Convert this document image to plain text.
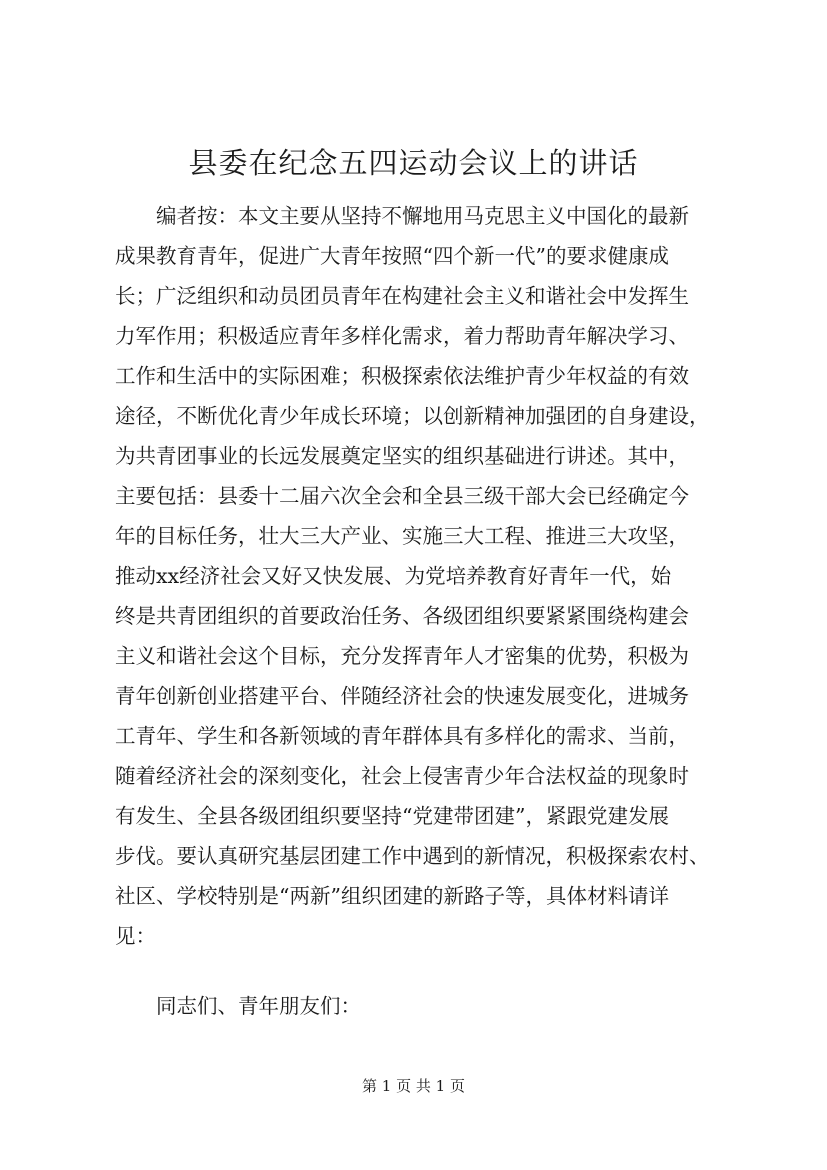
县委在纪念五四运动会议上的讲话
编者按：本文主要从坚持不懈地用马克思主义中国化的最新
成果教育青年，促进广大青年按照“四个新一代”的要求健康成
长；广泛组织和动员团员青年在构建社会主义和谐社会中发挥生
力军作用；积极适应青年多样化需求，着力帮助青年解决学习、
工作和生活中的实际困难；积极探索依法维护青少年权益的有效
途径，不断优化青少年成长环境；以创新精神加强团的自身建设，
为共青团事业的长远发展奠定坚实的组织基础进行讲述。其中，
主要包括：县委十二届六次全会和全县三级干部大会已经确定今
年的目标任务，壮大三大产业、实施三大工程、推进三大攻坚，
推动xx经济社会又好又快发展、为党培养教育好青年一代，始
终是共青团组织的首要政治任务、各级团组织要紧紧围绕构建会
主义和谐社会这个目标，充分发挥青年人才密集的优势，积极为
青年创新创业搭建平台、伴随经济社会的快速发展变化，进城务
工青年、学生和各新领域的青年群体具有多样化的需求、当前，
随着经济社会的深刻变化，社会上侵害青少年合法权益的现象时
有发生、全县各级团组织要坚持“党建带团建”，紧跟党建发展
步伐。要认真研究基层团建工作中遇到的新情况，积极探索农村、
社区、学校特别是“两新”组织团建的新路子等，具体材料请详
见：
同志们、青年朋友们：
第 1 页 共 1 页
